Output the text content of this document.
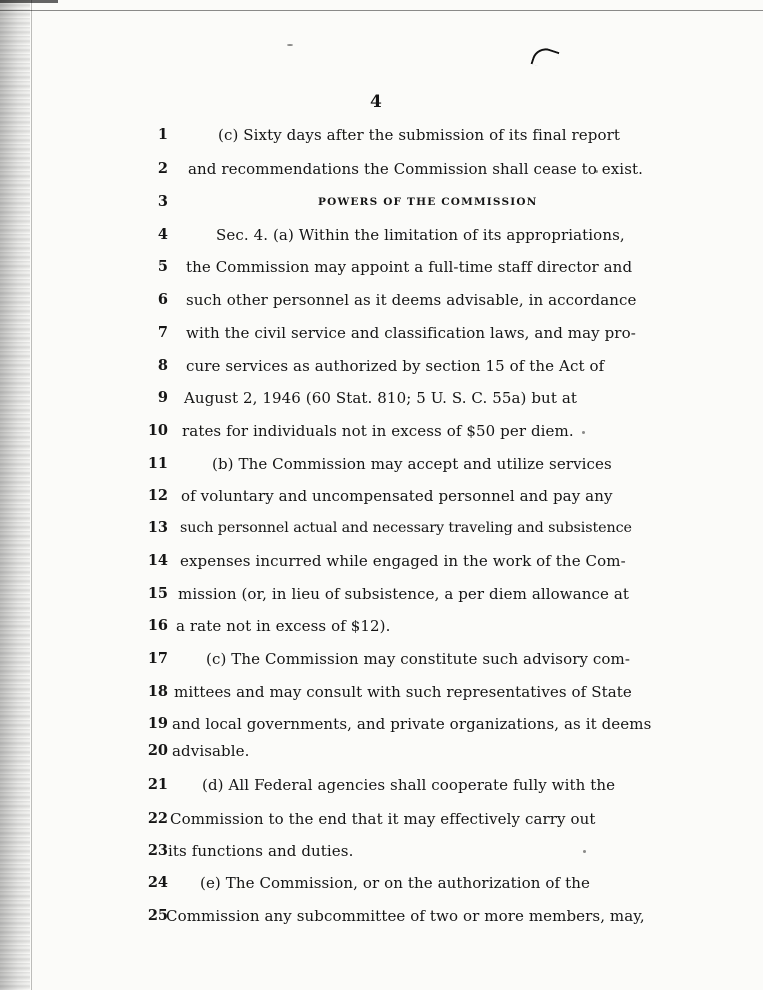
4
1	(c) Sixty days after the submission of its final report
2 and recommendations the Commission shall cease to exist.
3	POWERS OF THE COMMISSION
4	Sec. 4. (a) Within the limitation of its appropriations,
5 the Commission may appoint a full-time staff director and
6 such other personnel as it deems advisable, in accordance
7 with the civil service and classification laws, and may pro-
8 cure services as authorized by section 15 of the Act of
9 August 2, 1946 (60 Stat. 810; 5 U. S. C. 55a) but at
10 rates for individuals not in excess of $50 per diem.
11	(b) The Commission may accept and utilize services
12 of voluntary and uncompensated personnel and pay any
13 such personnel actual and necessary traveling and subsistence
14 expenses incurred while engaged in the work of the Com-
15 mission (or, in lieu of subsistence, a per diem allowance at
16 a rate not in excess of $12).
17	(c) The Commission may constitute such advisory com-
18 mittees and may consult with such representatives of State
19 and local governments, and private organizations, as it deems
20 advisable.
21 (d) All Federal agencies shall cooperate fully with the
22 Commission to the end that it may effectively carry out
23 its functions and duties.
24 (e) The Commission, or on the authorization of the
25
Commission any subcommittee of two or more members, may,
